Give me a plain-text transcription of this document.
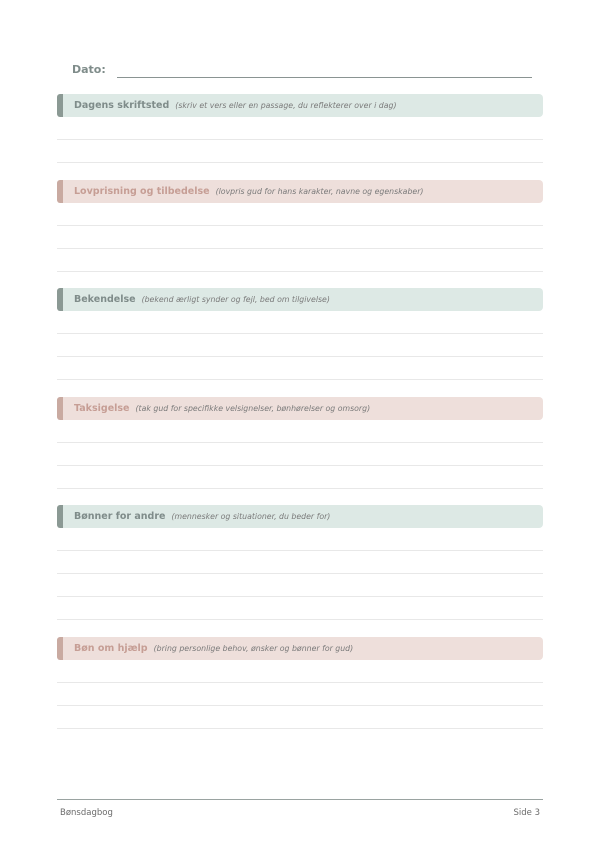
Dato:
Dagens skriftsted (skriv et vers eller en passage, du reflekterer over i dag)
Lovprisning og tilbedelse (lovpris gud for hans karakter, navne og egenskaber)
Bekendelse (bekend ærligt synder og fejl, bed om tilgivelse)
Taksigelse (tak gud for specifikke velsignelser, bønhørelser og omsorg)
Bønner for andre (mennesker og situationer, du beder for)
Bøn om hjælp (bring personlige behov, ønsker og bønner for gud)
Bønsdagbog	Side 3
